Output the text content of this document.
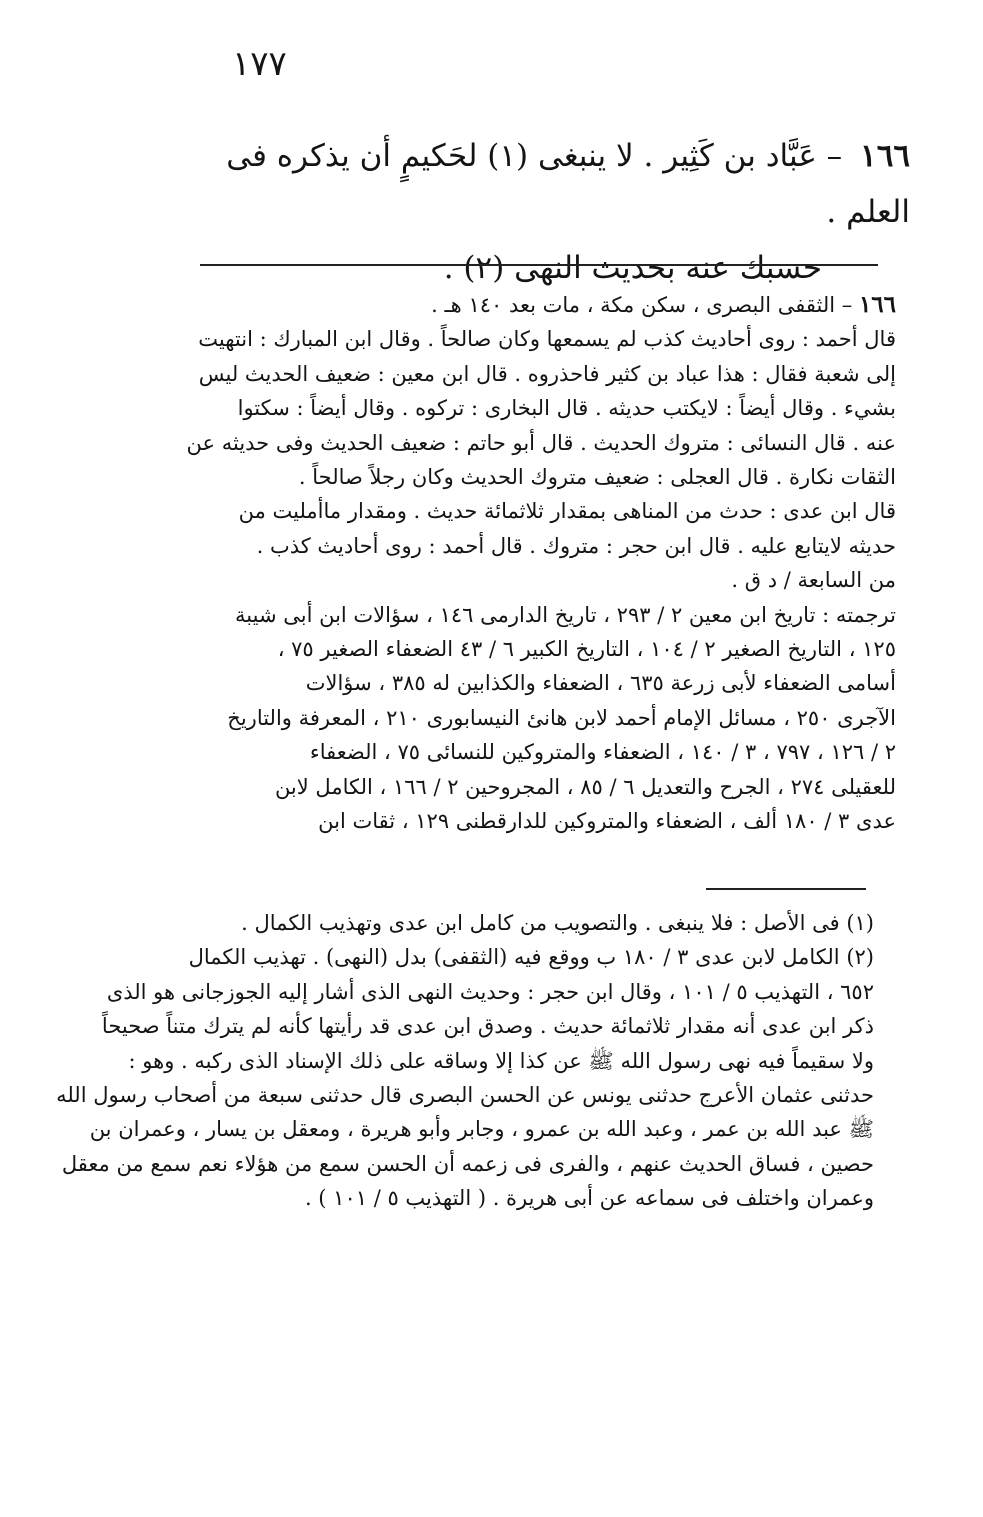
١٧٧
١٦٦ – عَبَّاد بن كَثِير . لا ينبغى (١) لحَكيمٍ أن يذكره فى العلم .
حسبك عنه بحديث النهى (٢) .
١٦٦ – الثقفى البصرى ، سكن مكة ، مات بعد ١٤٠ هـ .
قال أحمد : روى أحاديث كذب لم يسمعها وكان صالحاً . وقال ابن المبارك : انتهيت
إلى شعبة فقال : هذا عباد بن كثير فاحذروه . قال ابن معين : ضعيف الحديث ليس
بشيء . وقال أيضاً : لايكتب حديثه . قال البخارى : تركوه . وقال أيضاً : سكتوا
عنه . قال النسائى : متروك الحديث . قال أبو حاتم : ضعيف الحديث وفى حديثه عن
الثقات نكارة . قال العجلى : ضعيف متروك الحديث وكان رجلاً صالحاً .
قال ابن عدى : حدث من المناهى بمقدار ثلاثمائة حديث . ومقدار ماأمليت من
حديثه لايتابع عليه . قال ابن حجر : متروك . قال أحمد : روى أحاديث كذب .
من السابعة / د ق .
ترجمته : تاريخ ابن معين ٢ / ٢٩٣ ، تاريخ الدارمى ١٤٦ ، سؤالات ابن أبى شيبة
١٢٥ ، التاريخ الصغير ٢ / ١٠٤ ، التاريخ الكبير ٦ / ٤٣ الضعفاء الصغير ٧٥ ،
أسامى الضعفاء لأبى زرعة ٦٣٥ ، الضعفاء والكذابين له ٣٨٥ ، سؤالات
الآجرى ٢٥٠ ، مسائل الإمام أحمد لابن هانئ النيسابورى ٢١٠ ، المعرفة والتاريخ
٢ / ١٢٦ ، ٧٩٧ ، ٣ / ١٤٠ ، الضعفاء والمتروكين للنسائى ٧٥ ، الضعفاء
للعقيلى ٢٧٤ ، الجرح والتعديل ٦ / ٨٥ ، المجروحين ٢ / ١٦٦ ، الكامل لابن
عدى ٣ / ١٨٠ ألف ، الضعفاء والمتروكين للدارقطنى ١٢٩ ، ثقات ابن
(١) فى الأصل : فلا ينبغى . والتصويب من كامل ابن عدى وتهذيب الكمال .
(٢) الكامل لابن عدى ٣ / ١٨٠ ب ووقع فيه (الثقفى) بدل (النهى) . تهذيب الكمال
٦٥٢ ، التهذيب ٥ / ١٠١ ، وقال ابن حجر : وحديث النهى الذى أشار إليه الجوزجانى هو الذى
ذكر ابن عدى أنه مقدار ثلاثمائة حديث . وصدق ابن عدى قد رأيتها كأنه لم يترك متناً صحيحاً
ولا سقيماً فيه نهى رسول الله ﷺ عن كذا إلا وساقه على ذلك الإسناد الذى ركبه . وهو :
حدثنى عثمان الأعرج حدثنى يونس عن الحسن البصرى قال حدثنى سبعة من أصحاب رسول الله
ﷺ عبد الله بن عمر ، وعبد الله بن عمرو ، وجابر وأبو هريرة ، ومعقل بن يسار ، وعمران بن
حصين ، فساق الحديث عنهم ، والفرى فى زعمه أن الحسن سمع من هؤلاء نعم سمع من معقل
وعمران واختلف فى سماعه عن أبى هريرة . ( التهذيب ٥ / ١٠١ ) .
